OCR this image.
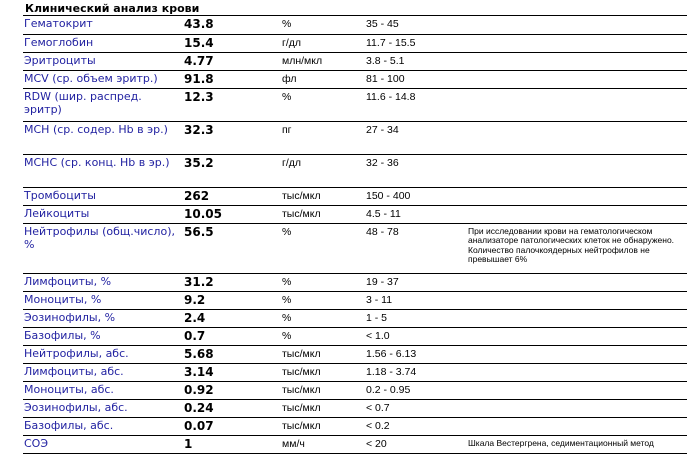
Клинический анализ крови
Гематокрит	43.8	%	35 - 45	
Гемоглобин	15.4	г/дл	11.7 - 15.5	
Эритроциты	4.77	млн/мкл	3.8 - 5.1	
MCV (ср. объем эритр.)	91.8	фл	81 - 100	
RDW (шир. распред. эритр)	12.3	%	11.6 - 14.8	
MCH (ср. содер. Hb в эр.)	32.3	пг	27 - 34	
MCHC (ср. конц. Hb в эр.)	35.2	г/дл	32 - 36	
Тромбоциты	262	тыс/мкл	150 - 400	
Лейкоциты	10.05	тыс/мкл	4.5 - 11	
Нейтрофилы (общ.число), %	56.5	%	48 - 78	При исследовании крови на гематологическом анализаторе патологических клеток не обнаружено. Количество палочкоядерных нейтрофилов не превышает 6%
Лимфоциты, %	31.2	%	19 - 37	
Моноциты, %	9.2	%	3 - 11	
Эозинофилы, %	2.4	%	1 - 5	
Базофилы, %	0.7	%	< 1.0	
Нейтрофилы, абс.	5.68	тыс/мкл	1.56 - 6.13	
Лимфоциты, абс.	3.14	тыс/мкл	1.18 - 3.74	
Моноциты, абс.	0.92	тыс/мкл	0.2 - 0.95	
Эозинофилы, абс.	0.24	тыс/мкл	< 0.7	
Базофилы, абс.	0.07	тыс/мкл	< 0.2	
СОЭ	1	мм/ч	< 20	Шкала Вестергрена, седиментационный метод
